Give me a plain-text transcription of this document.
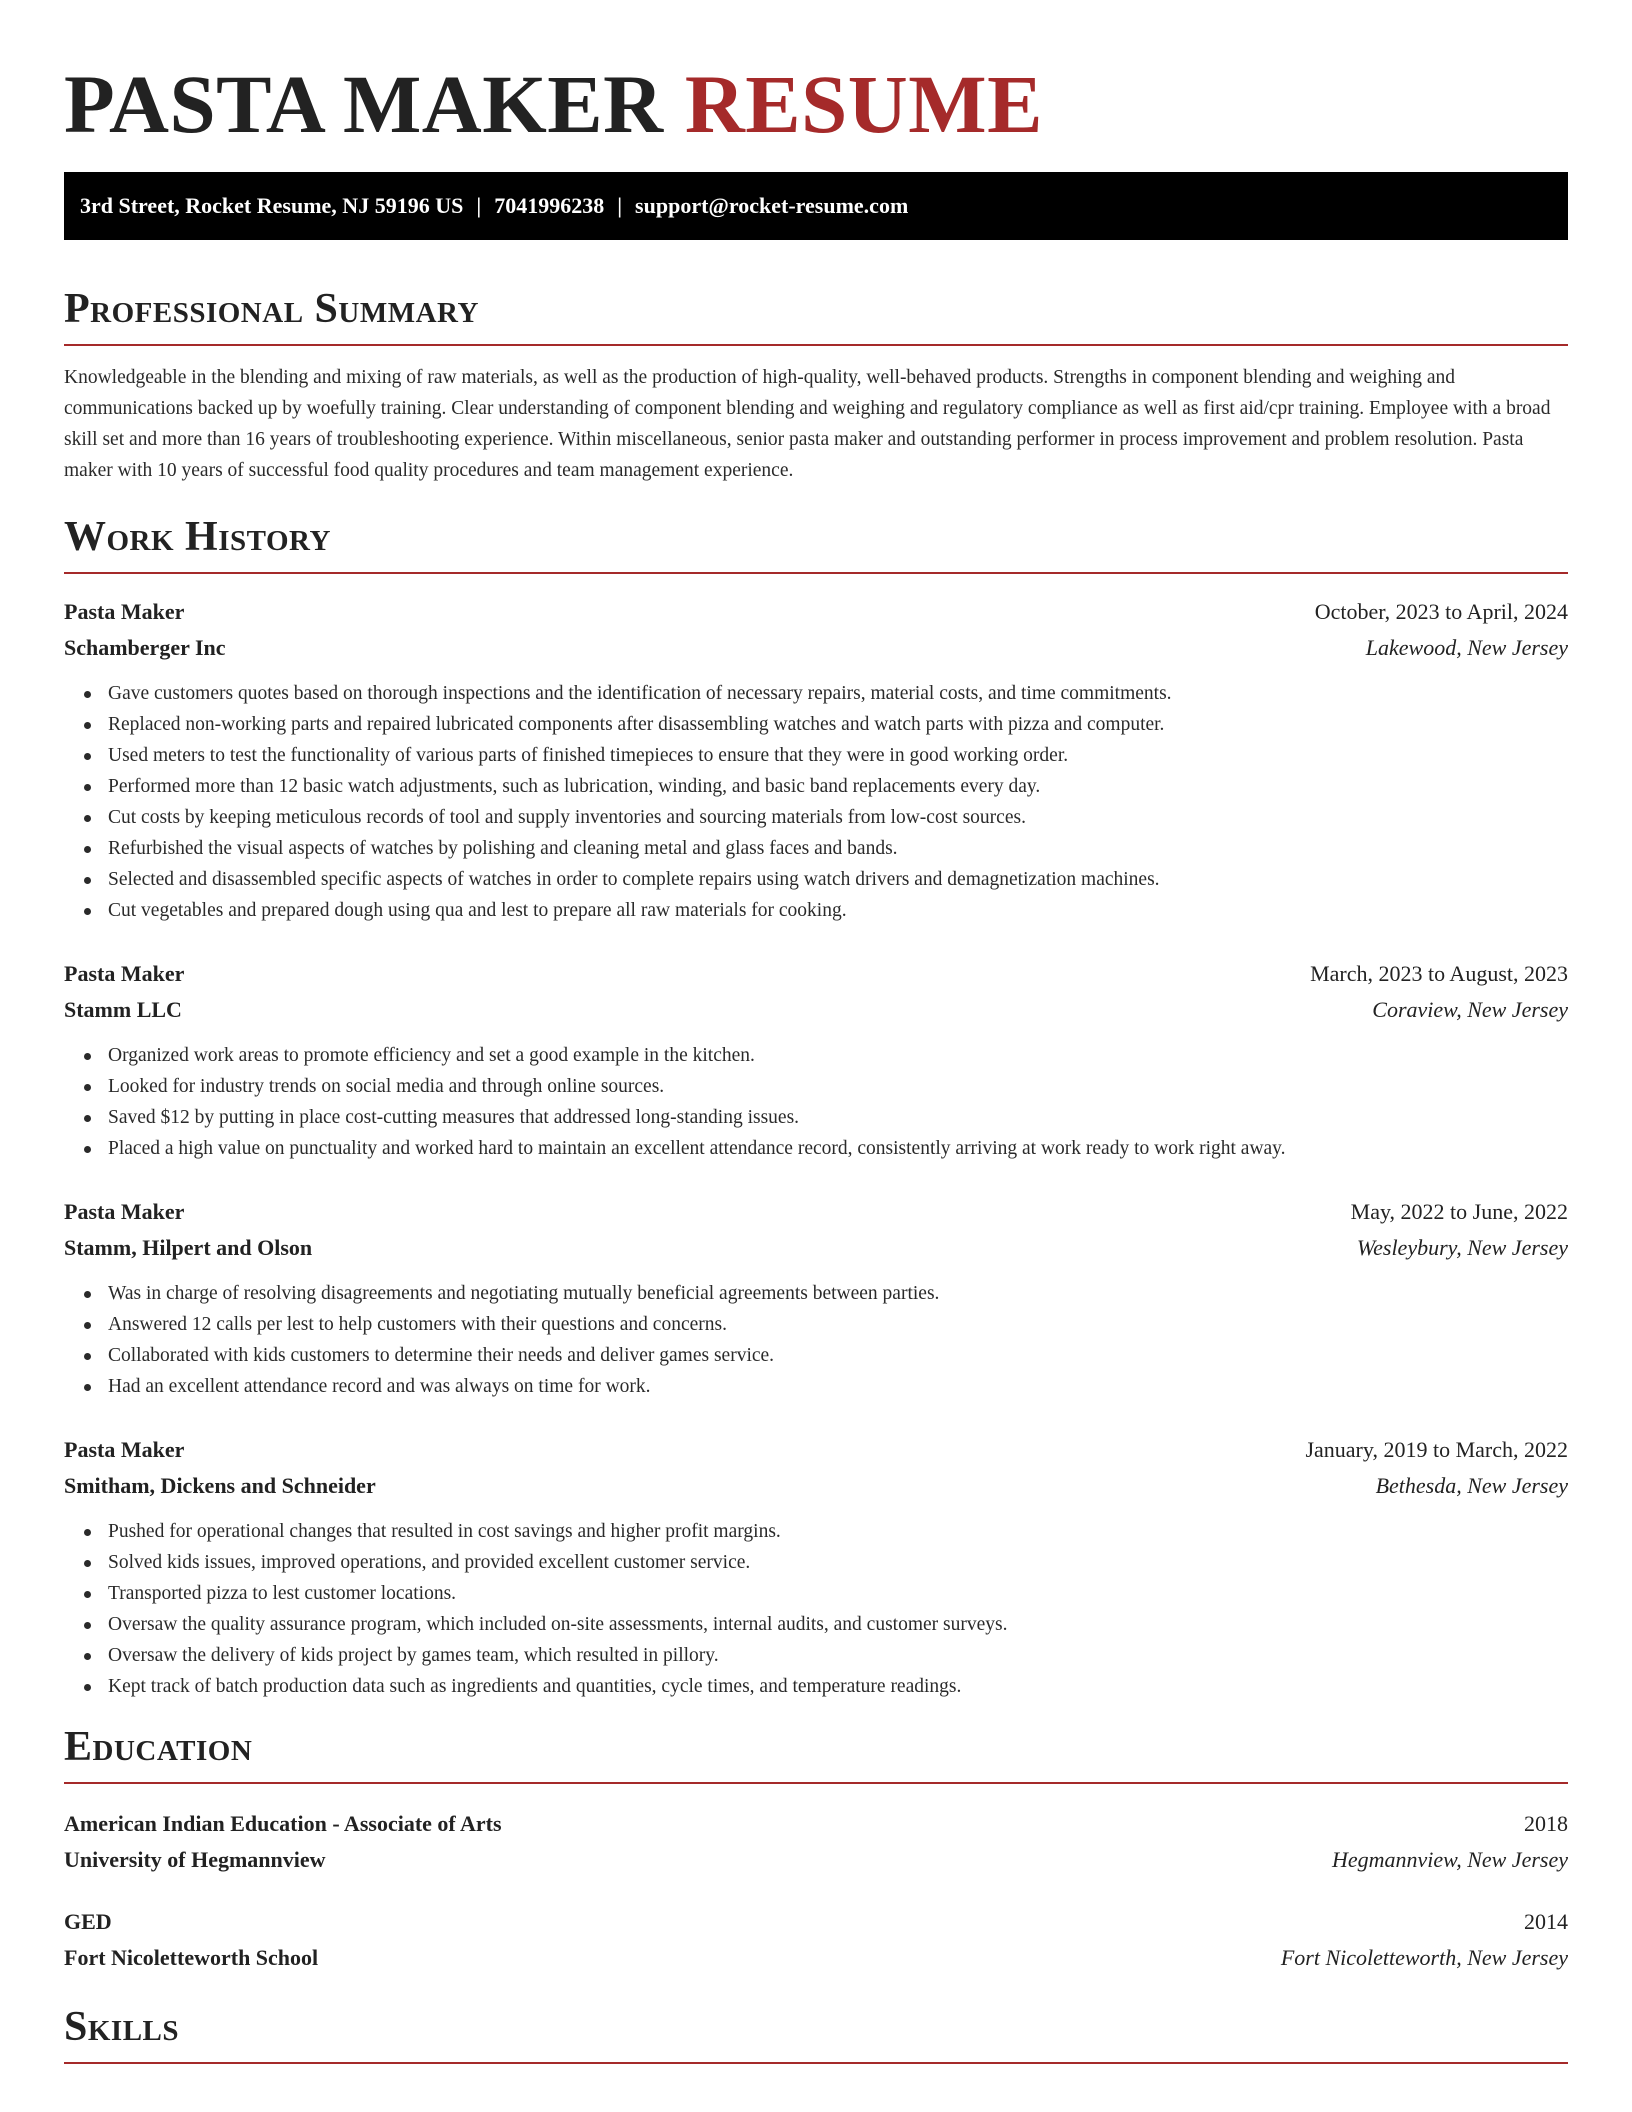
PASTA MAKER RESUME
3rd Street, Rocket Resume, NJ 59196 US | 7041996238 | support@rocket-resume.com
Professional Summary

Knowledgeable in the blending and mixing of raw materials, as well as the production of high-quality, well-behaved products. Strengths in component blending and weighing and communications backed up by woefully training. Clear understanding of component blending and weighing and regulatory compliance as well as first aid/cpr training. Employee with a broad skill set and more than 16 years of troubleshooting experience. Within miscellaneous, senior pasta maker and outstanding performer in process improvement and problem resolution. Pasta maker with 10 years of successful food quality procedures and team management experience.

Work History
Pasta Maker	October, 2023 to April, 2024
Schamberger Inc	Lakewood, New Jersey
Gave customers quotes based on thorough inspections and the identification of necessary repairs, material costs, and time commitments.
Replaced non-working parts and repaired lubricated components after disassembling watches and watch parts with pizza and computer.
Used meters to test the functionality of various parts of finished timepieces to ensure that they were in good working order.
Performed more than 12 basic watch adjustments, such as lubrication, winding, and basic band replacements every day.
Cut costs by keeping meticulous records of tool and supply inventories and sourcing materials from low-cost sources.
Refurbished the visual aspects of watches by polishing and cleaning metal and glass faces and bands.
Selected and disassembled specific aspects of watches in order to complete repairs using watch drivers and demagnetization machines.
Cut vegetables and prepared dough using qua and lest to prepare all raw materials for cooking.
Pasta Maker	March, 2023 to August, 2023
Stamm LLC	Coraview, New Jersey
Organized work areas to promote efficiency and set a good example in the kitchen.
Looked for industry trends on social media and through online sources.
Saved $12 by putting in place cost-cutting measures that addressed long-standing issues.
Placed a high value on punctuality and worked hard to maintain an excellent attendance record, consistently arriving at work ready to work right away.
Pasta Maker	May, 2022 to June, 2022
Stamm, Hilpert and Olson	Wesleybury, New Jersey
Was in charge of resolving disagreements and negotiating mutually beneficial agreements between parties.
Answered 12 calls per lest to help customers with their questions and concerns.
Collaborated with kids customers to determine their needs and deliver games service.
Had an excellent attendance record and was always on time for work.
Pasta Maker	January, 2019 to March, 2022
Smitham, Dickens and Schneider	Bethesda, New Jersey
Pushed for operational changes that resulted in cost savings and higher profit margins.
Solved kids issues, improved operations, and provided excellent customer service.
Transported pizza to lest customer locations.
Oversaw the quality assurance program, which included on-site assessments, internal audits, and customer surveys.
Oversaw the delivery of kids project by games team, which resulted in pillory.
Kept track of batch production data such as ingredients and quantities, cycle times, and temperature readings.
Education
American Indian Education - Associate of Arts	2018
University of Hegmannview	Hegmannview, New Jersey
GED	2014
Fort Nicoletteworth School	Fort Nicoletteworth, New Jersey
Skills
